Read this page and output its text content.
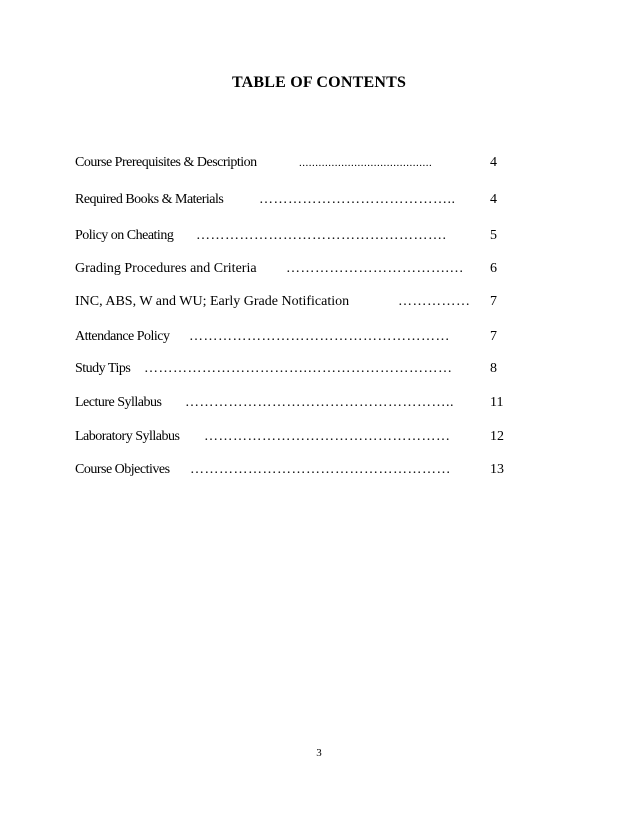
TABLE OF CONTENTS
Course Prerequisites & Description	.........................................	4
Required Books & Materials	…………………………………..	4
Policy on Cheating …………………………………………….	5
Grading Procedures and Criteria …………………………….…	6
INC, ABS, W and WU; Early Grade Notification	……………	7
Attendance Policy ………………………………………………	7
Study Tips …………………………….…………………………	8
Lecture Syllabus ………………………………………………..	11
Laboratory Syllabus ……………………………………………	12
Course Objectives ………………………………………………	13
3
